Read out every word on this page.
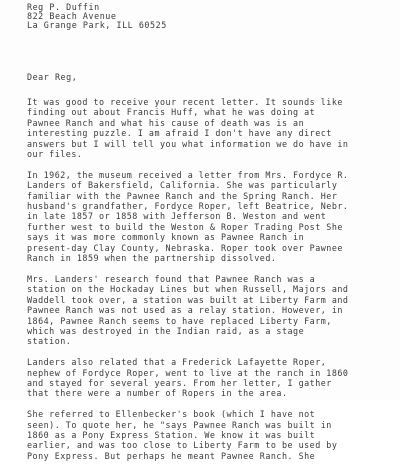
Reg P. Duffin
822 Beach Avenue
La Grange Park, ILL 60525
Dear Reg,
It was good to receive your recent letter. It sounds like
finding out about Francis Huff, what he was doing at
Pawnee Ranch and what his cause of death was is an
interesting puzzle. I am afraid I don't have any direct
answers but I will tell you what information we do have in
our files.
In 1962, the museum received a letter from Mrs. Fordyce R.
Landers of Bakersfield, California. She was particularly
familiar with the Pawnee Ranch and the Spring Ranch. Her
husband's grandfather, Fordyce Roper, left Beatrice, Nebr.
in late 1857 or 1858 with Jefferson B. Weston and went
further west to build the Weston & Roper Trading Post She
says it was more commonly known as Pawnee Ranch in
present-day Clay County, Nebraska. Roper took over Pawnee
Ranch in 1859 when the partnership dissolved.
Mrs. Landers' research found that Pawnee Ranch was a
station on the Hockaday Lines but when Russell, Majors and
Waddell took over, a station was built at Liberty Farm and
Pawnee Ranch was not used as a relay station. However, in
1864, Pawnee Ranch seems to have replaced Liberty Farm,
which was destroyed in the Indian raid, as a stage
station.
Landers also related that a Frederick Lafayette Roper,
nephew of Fordyce Roper, went to live at the ranch in 1860
and stayed for several years. From her letter, I gather
that there were a number of Ropers in the area.
She referred to Ellenbecker's book (which I have not
seen). To quote her, he "says Pawnee Ranch was built in
1860 as a Pony Express Station. We know it was built
earlier, and was too close to Liberty Farm to be used by
Pony Express. But perhaps he meant Pawnee Ranch. She
